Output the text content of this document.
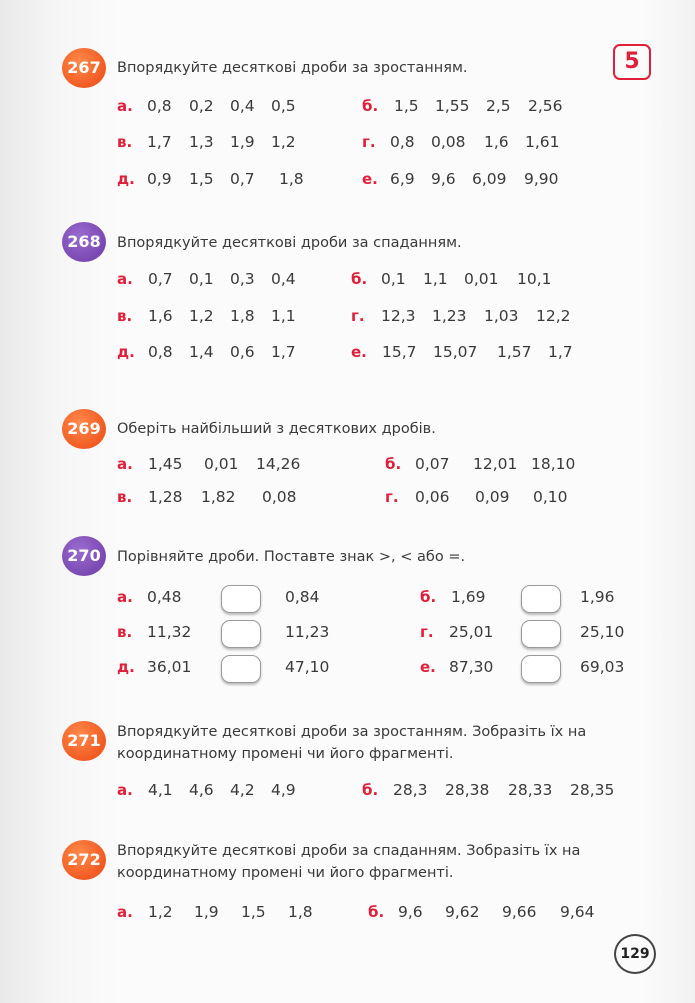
5
267	Впорядкуйте десяткові дроби за зростанням.
а. 0,8 0,2 0,4 0,5	б. 1,5 1,55 2,5 2,56
в. 1,7 1,3 1,9 1,2	г. 0,8 0,08 1,6 1,61
д. 0,9 1,5 0,7 1,8	е. 6,9 9,6 6,09 9,90
268	Впорядкуйте десяткові дроби за спаданням.
а. 0,7 0,1 0,3 0,4	б. 0,1 1,1 0,01 10,1
в. 1,6 1,2 1,8 1,1	г. 12,3 1,23 1,03 12,2
д. 0,8 1,4 0,6 1,7	е. 15,7 15,07 1,57 1,7
269	Оберіть найбільший з десяткових дробів.
а. 1,45 0,01 14,26	б. 0,07 12,01 18,10
в. 1,28 1,82 0,08	г. 0,06 0,09 0,10
270	Порівняйте дроби. Поставте знак >, < або =.
а. 0,48	0,84	б. 1,69	1,96
в. 11,32	11,23	г. 25,01	25,10
д. 36,01	47,10	е. 87,30	69,03
271	Впорядкуйте десяткові дроби за зростанням. Зобразіть їх на
координатному промені чи його фрагменті.
а. 4,1 4,6 4,2 4,9	б. 28,3 28,38 28,33 28,35
272	Впорядкуйте десяткові дроби за спаданням. Зобразіть їх на
координатному промені чи його фрагменті.
а. 1,2 1,9 1,5 1,8	б. 9,6 9,62 9,66 9,64
129
